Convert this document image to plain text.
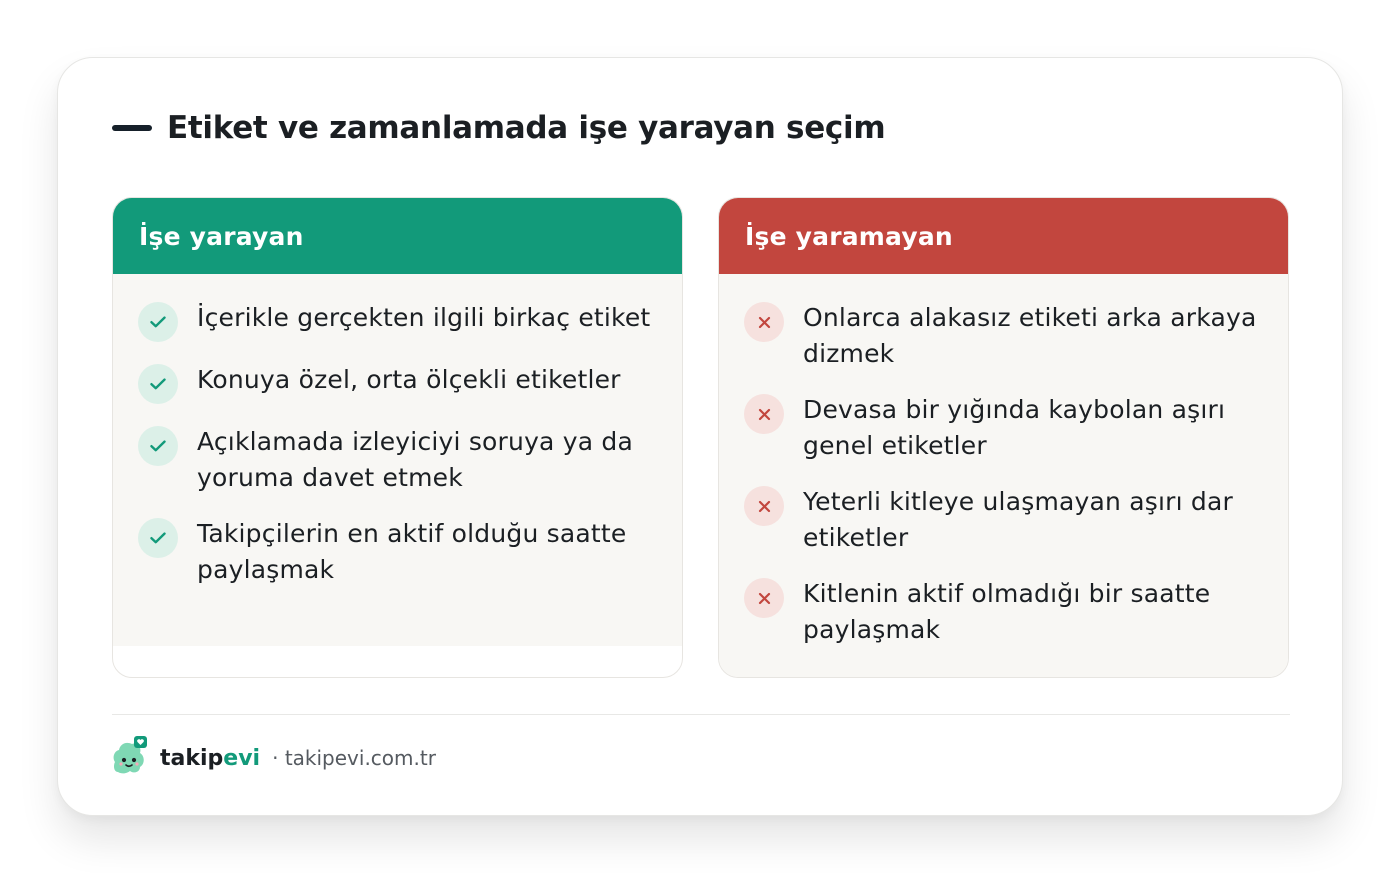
Etiket ve zamanlamada işe yarayan seçim
İşe yarayan
İçerikle gerçekten ilgili birkaç etiket
Konuya özel, orta ölçekli etiketler
Açıklamada izleyiciyi soruya ya da yoruma davet etmek
Takipçilerin en aktif olduğu saatte paylaşmak
İşe yaramayan
Onlarca alakasız etiketi arka arkaya dizmek
Devasa bir yığında kaybolan aşırı genel etiketler
Yeterli kitleye ulaşmayan aşırı dar etiketler
Kitlenin aktif olmadığı bir saatte paylaşmak
takipevi · takipevi.com.tr
